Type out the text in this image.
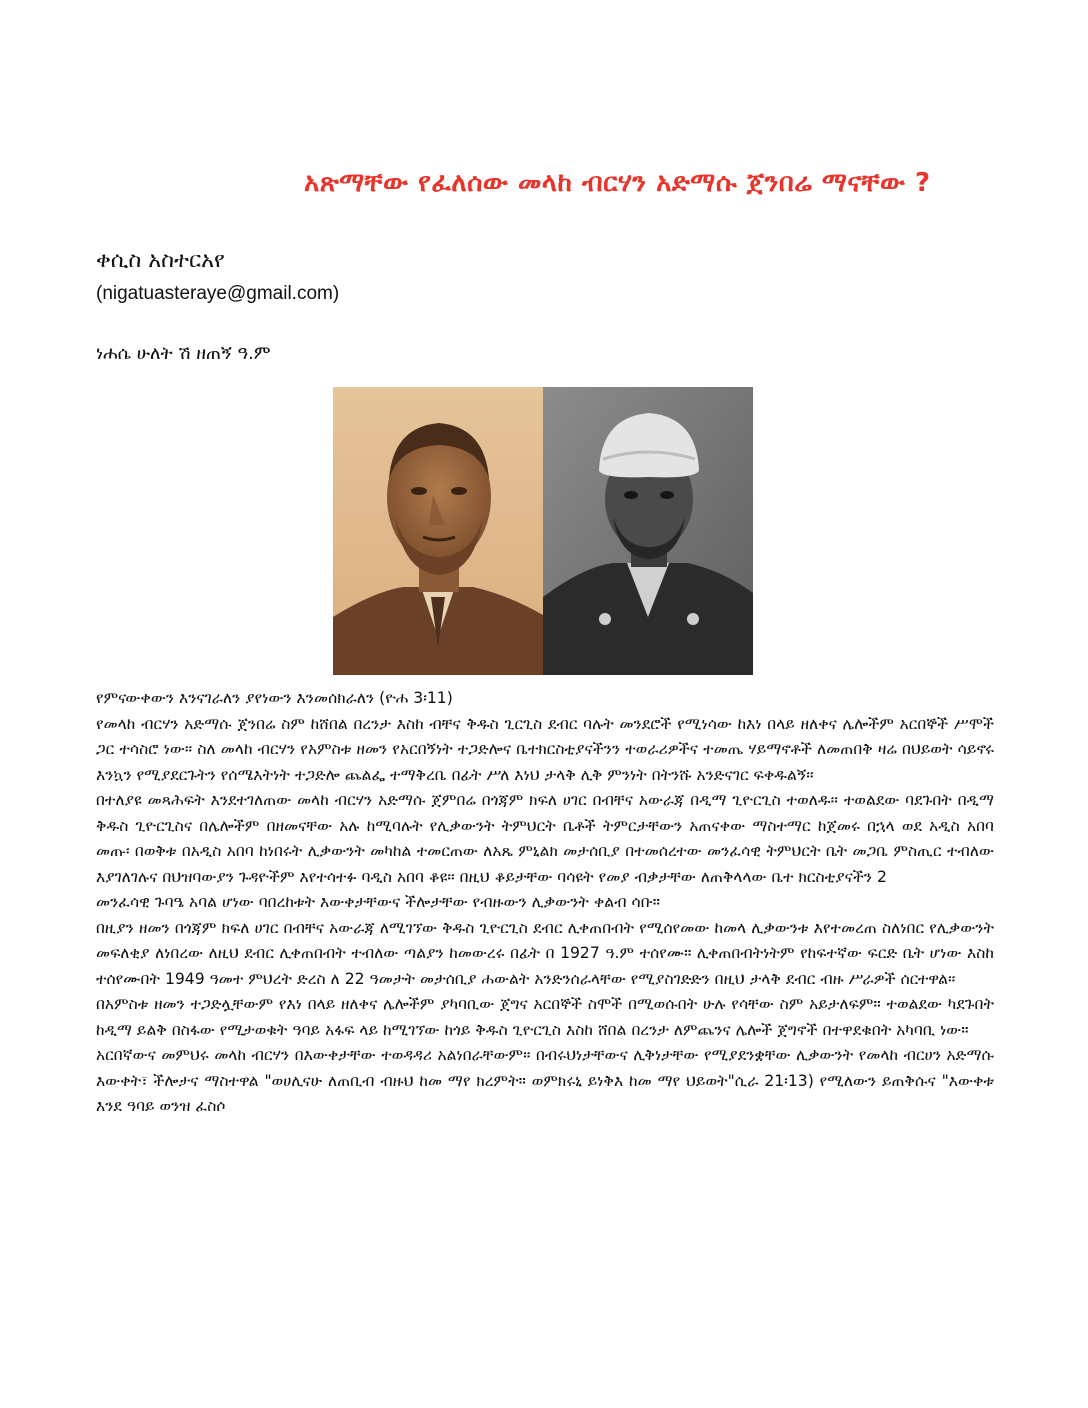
አጽማቸው የፈለሰው መላከ ብርሃን አድማሱ ጀንበሬ ማናቸው ?
ቀሲስ አስተርአየ
(nigatuasteraye@gmail.com)
ነሐሴ ሁለት ሽ ዘጠኝ ዓ.ም

የምናውቀውን እንናገራለን ያየነውን እንመሰክራለን (ዮሐ 3፡11)

የመላከ ብርሃን አድማሱ ጀንበሬ ስም ከሸበል በረንታ እስከ ብቸና ቅዱስ ጊርጊስ ደብር ባሉት መንደሮች የሚነሳው ከእነ በላይ ዘለቀና ሌሎችም አርበኞች ሥሞች ጋር ተሳስሮ ነው፡፡ ስለ መላከ ብርሃን የአምስቱ ዘመን የአርበኝነት ተጋድሎና ቤተክርስቲያናችንን ተወራሪዎችና ተመጤ ሃይማኖቶች ለመጠበቅ ዛሬ በህይወት ሳይኖሩ እንኳን የሚያደርጉትን የሰሜእትነት ተጋድሎ ጨልፌ ተማቅረቤ በፊት ሥለ እነህ ታላቅ ሊቅ ምንነት በትንሹ አንድናገር ፍቀዱልኝ፡፡

በተለያዩ መጻሕፍት እንደተገለጠው መላከ ብርሃን አድማሱ ጀምበሬ በጎጃም ክፍለ ሀገር በብቸና አውራጃ በዲማ ጊዮርጊስ ተወለዱ፡፡ ተወልደው ባደጉበት በዲማ ቅዱስ ጊዮርጊስና በሌሎችም በዘመናቸው አሉ ከሚባሉት የሊቃውንት ትምህርት ቤቶች ትምርታቸውን አጠናቀው ማስተማር ከጀመሩ በኋላ ወደ አዲስ አበባ መጡ፡ በወቅቱ በአዲስ አበባ ከነበሩት ሊቃውንት መካከል ተመርጠው ለአጼ ምኒልክ መታሰቢያ በተመሰረተው መንፈሳዊ ትምህርት ቤት መጋቤ ምስጢር ተብለው እያገለገሉና በህዝባውያን ጉዳዮችም እየተሳተፉ ባዲስ አበባ ቆዩ፡፡ በዚህ ቆይታቸው ባሳዩት የመያ ብቃታቸው ለጠቅላላው ቤተ ክርስቲያናችን 2

መንፈሳዊ ጉባዔ አባል ሆነው ባበረከቱት እውቀታቸውና ችሎታቸው የብዙውን ሊቃውንት ቀልብ ሳቡ።

በዚያን ዘመን በጎጃም ክፍለ ሀገር በብቸና አውራጃ ለሚገኘው ቅዱስ ጊዮርጊስ ደብር ሊቀጠበብት የሚሰየመው ከመላ ሊቃውንቱ እየተመረጠ ስለነበር የሊቃውንት መፍለቂያ ለነበረው ለዚህ ደብር ሊቀጠበብት ተብለው ጣልያን ከመውረሩ በፊት በ 1927 ዓ.ም ተሰየሙ። ሊቀጠበብትነትም የከፍተኛው ፍርድ ቤት ሆነው እስከ ተሰየሙበት 1949 ዓመተ ምህረት ድረስ ለ 22 ዓመታት መታሰቢያ ሐውልት አንድንሰራላቸው የሚያስገድድን በዚህ ታላቅ ደብር ብዙ ሥራዎች ሰርተዋል፡፡

በአምስቱ ዘመን ተጋድሏቸውም የእነ በላይ ዘለቀና ሌሎችም ያካባቢው ጀግና አርበኞች ስሞች በሚወሱበት ሁሉ የሳቸው ስም አይታለፍም። ተወልደው ካደጉበት ከዲማ ይልቅ በስፋው የሚታወቁት ዓባይ አፋፍ ላይ ከሚገኘው ከጎይ ቅዱስ ጊዮርጊስ እስከ ሸበል በረንታ ለምጨንና ሌሎች ጀግኖች በተዋደቁበት አካባቢ ነው።

አርበኛውና መምህሩ መላከ ብርሃን በእውቀታቸው ተወዳዳሪ አልነበራቸውም፡፡ በብሩህነታቸውና ሊቅነታቸው የሚያደንቋቸው ሊቃውንት የመላከ ብርሀን አድማሱ እውቀት፣ ችሎታና ማስተዋል "ወሀሊናሁ ለጠቢብ ብዙህ ከመ ማየ ክረምት። ወምክሩኒ ይነቅእ ከመ ማየ ህይወት"ሲራ 21፡13) የሚለውን ይጠቅሱና "እውቀቱ እንደ ዓባይ ወንዝ ፈስሶ
